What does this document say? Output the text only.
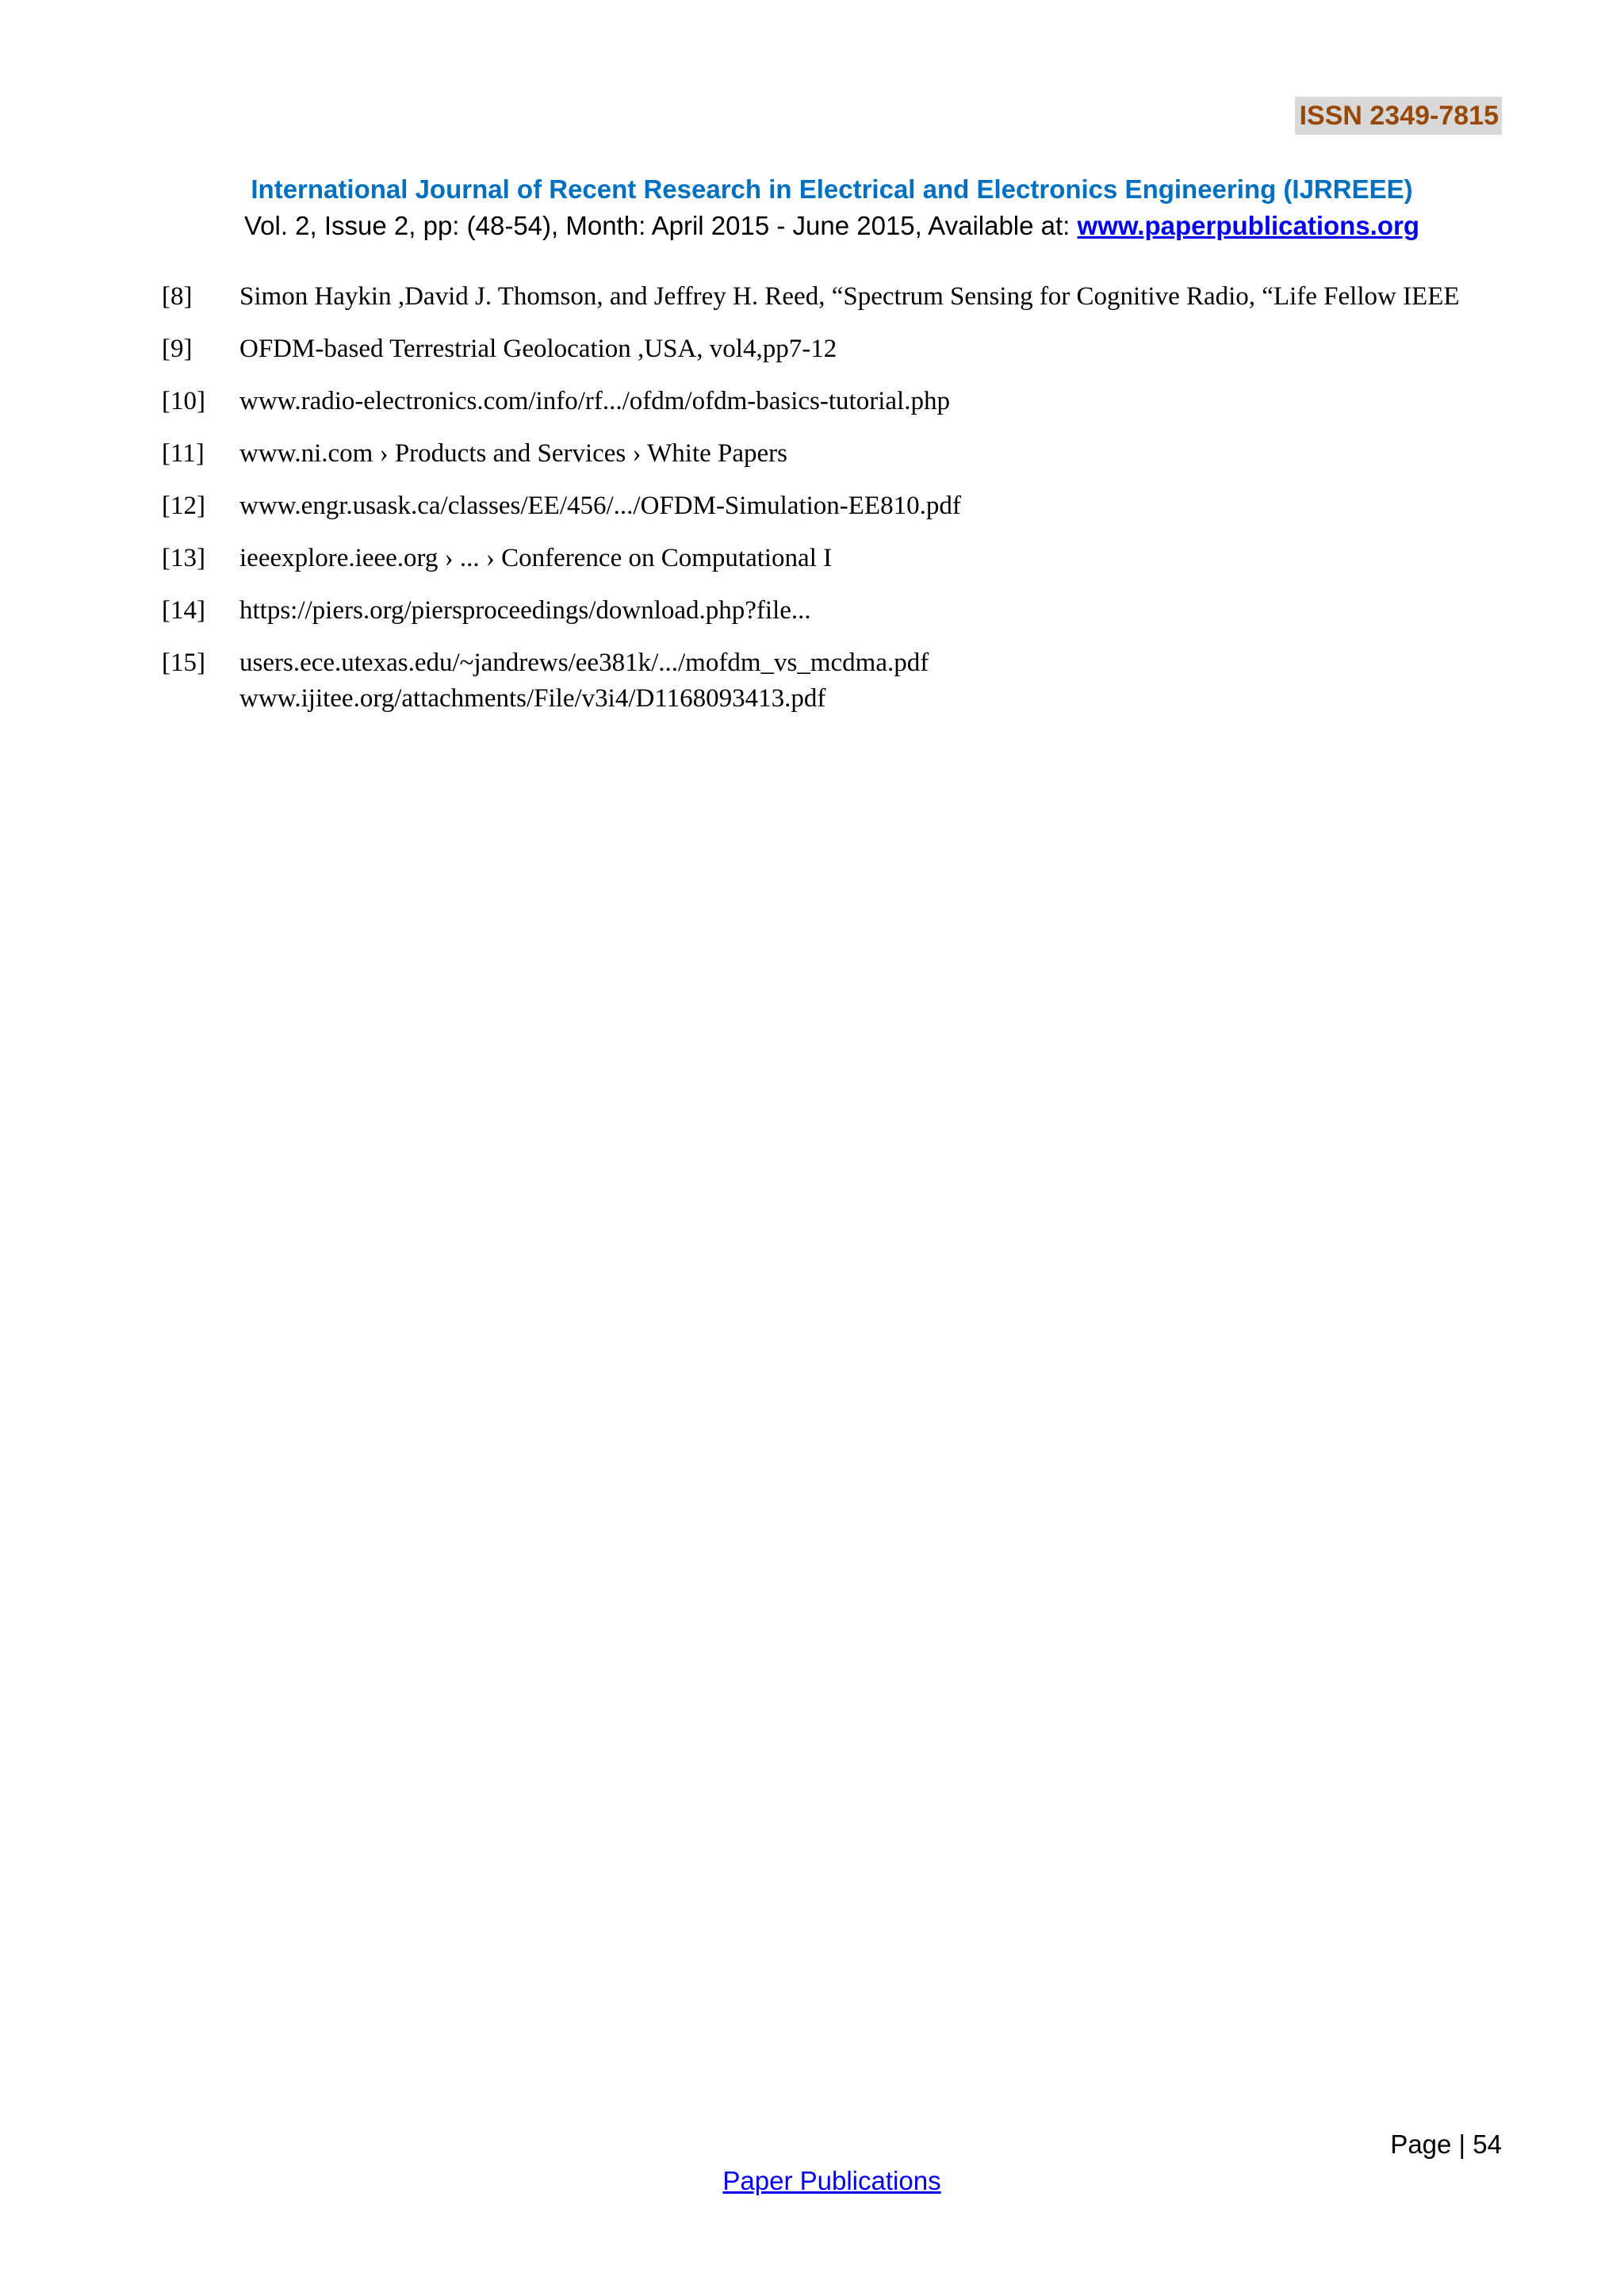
ISSN 2349-7815
International Journal of Recent Research in Electrical and Electronics Engineering (IJRREEE)
Vol. 2, Issue 2, pp: (48-54), Month: April 2015 - June 2015, Available at: www.paperpublications.org
[8] Simon Haykin ,David J. Thomson, and Jeffrey H. Reed, “Spectrum Sensing for Cognitive Radio, “Life Fellow IEEE
[9] OFDM-based Terrestrial Geolocation ,USA, vol4,pp7-12
[10] www.radio-electronics.com/info/rf.../ofdm/ofdm-basics-tutorial.php
[11] www.ni.com › Products and Services › White Papers
[12] www.engr.usask.ca/classes/EE/456/.../OFDM-Simulation-EE810.pdf
[13] ieeexplore.ieee.org › ... › Conference on Computational I
[14] https://piers.org/piersproceedings/download.php?file...
[15] users.ece.utexas.edu/~jandrews/ee381k/.../mofdm_vs_mcdma.pdf
www.ijitee.org/attachments/File/v3i4/D1168093413.pdf
Page | 54
Paper Publications
